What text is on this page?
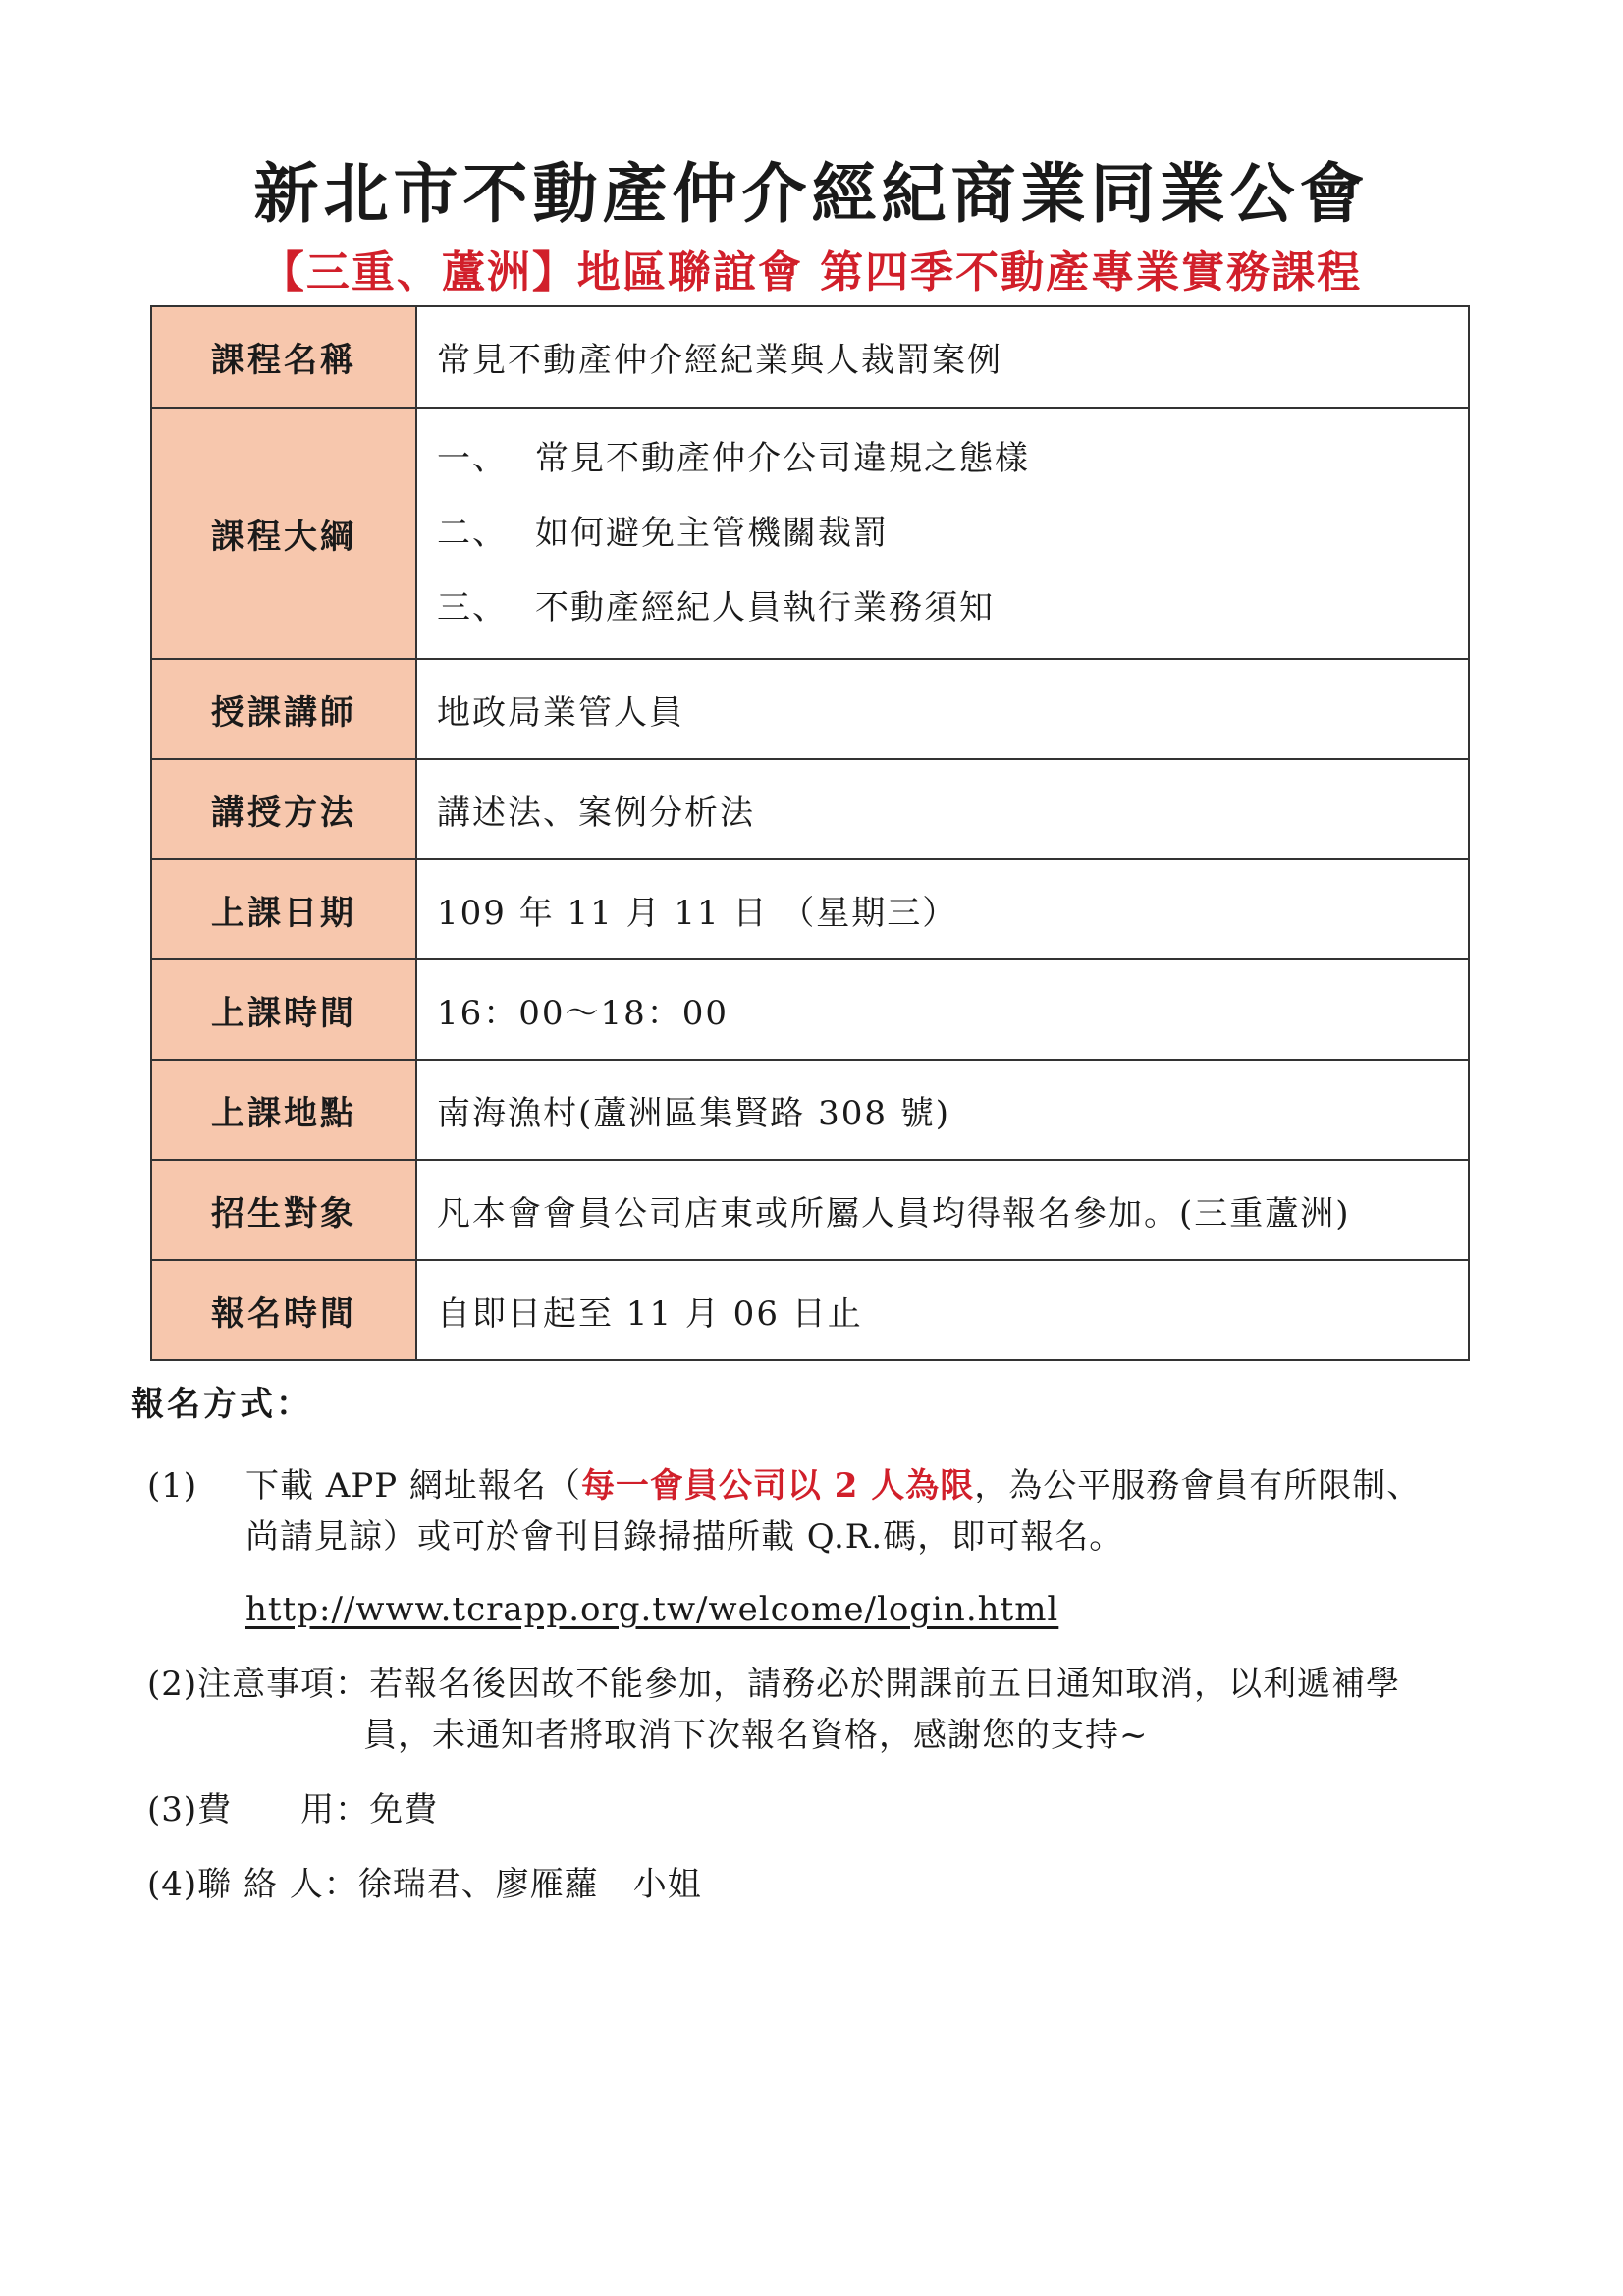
新北市不動產仲介經紀商業同業公會
【三重、蘆洲】地區聯誼會 第四季不動產專業實務課程
課程名稱	常見不動產仲介經紀業與人裁罰案例
課程大綱	一、 常見不動產仲介公司違規之態樣
二、 如何避免主管機關裁罰
三、 不動產經紀人員執行業務須知

授課講師	地政局業管人員
講授方法	講述法、案例分析法
上課日期	109 年 11 月 11 日 （星期三）
上課時間	16：00～18：00
上課地點	南海漁村(蘆洲區集賢路 308 號)
招生對象	凡本會會員公司店東或所屬人員均得報名參加。(三重蘆洲)
報名時間	自即日起至 11 月 06 日止
報名方式：
(1) 下載 APP 網址報名（每一會員公司以 2 人為限，為公平服務會員有所限制、
尚請見諒）或可於會刊目錄掃描所載 Q.R.碼，即可報名。
http://www.tcrapp.org.tw/welcome/login.html
(2)注意事項：若報名後因故不能參加，請務必於開課前五日通知取消，以利遞補學
員，未通知者將取消下次報名資格，感謝您的支持~
(3)費　　用：免費
(4)聯 絡 人：徐瑞君、廖雁蘿　小姐
